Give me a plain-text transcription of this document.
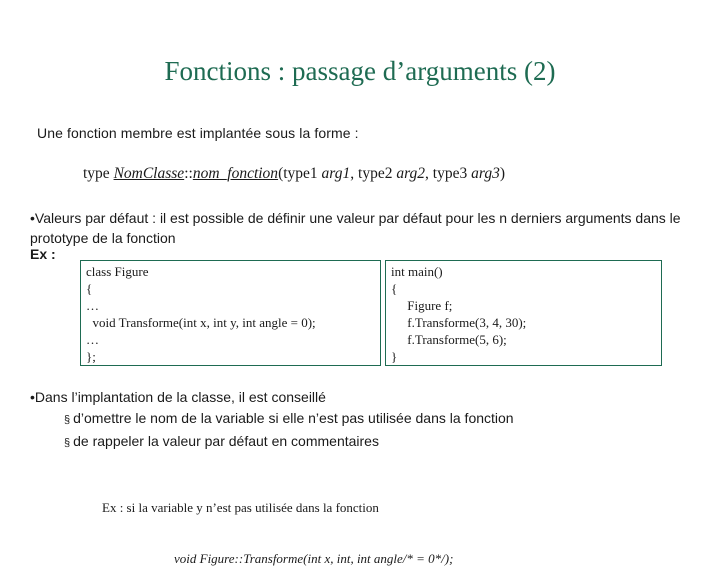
Fonctions : passage d’arguments (2)
Une fonction membre est implantée sous la forme :
type NomClasse::nom_fonction(type1 arg1, type2 arg2, type3 arg3)
•Valeurs par défaut : il est possible de définir une valeur par défaut pour les n derniers arguments dans le prototype de la fonction
Ex :
class Figure
{
…
void Transforme(int x, int y, int angle = 0);
…
};
int main()
{
Figure f;
f.Transforme(3, 4, 30);
f.Transforme(5, 6);
}
•Dans l’implantation de la classe, il est conseillé
§ d’omettre le nom de la variable si elle n’est pas utilisée dans la fonction
§ de rappeler la valeur par défaut en commentaires

Ex : si la variable y n’est pas utilisée dans la fonction

void Figure::Transforme(int x, int, int angle/* = 0*/);
